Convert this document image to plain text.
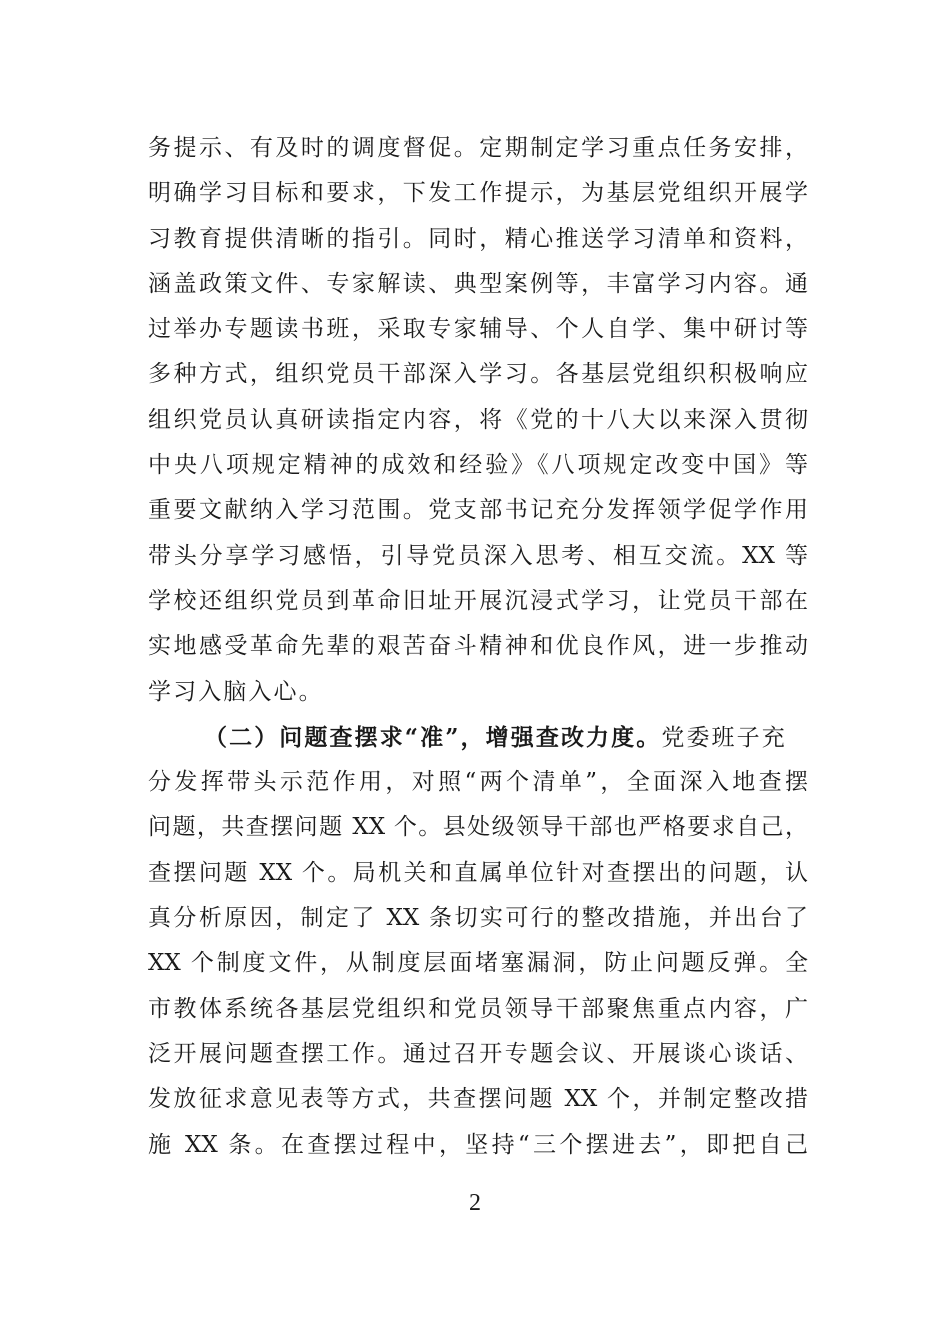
务提示、有及时的调度督促。定期制定学习重点任务安排，
明确学习目标和要求，下发工作提示，为基层党组织开展学
习教育提供清晰的指引。同时，精心推送学习清单和资料，
涵盖政策文件、专家解读、典型案例等，丰富学习内容。通
过举办专题读书班，采取专家辅导、个人自学、集中研讨等
多种方式，组织党员干部深入学习。各基层党组织积极响应
组织党员认真研读指定内容，将《党的十八大以来深入贯彻
中央八项规定精神的成效和经验》《八项规定改变中国》等
重要文献纳入学习范围。党支部书记充分发挥领学促学作用
带头分享学习感悟，引导党员深入思考、相互交流。XX 等
学校还组织党员到革命旧址开展沉浸式学习，让党员干部在
实地感受革命先辈的艰苦奋斗精神和优良作风，进一步推动
学习入脑入心。
（二）问题查摆求“准”，增强查改力度。党委班子充
分发挥带头示范作用，对照“两个清单”，全面深入地查摆
问题，共查摆问题 XX 个。县处级领导干部也严格要求自己，
查摆问题 XX 个。局机关和直属单位针对查摆出的问题，认
真分析原因，制定了 XX 条切实可行的整改措施，并出台了
XX 个制度文件，从制度层面堵塞漏洞，防止问题反弹。全
市教体系统各基层党组织和党员领导干部聚焦重点内容，广
泛开展问题查摆工作。通过召开专题会议、开展谈心谈话、
发放征求意见表等方式，共查摆问题 XX 个，并制定整改措
施 XX 条。在查摆过程中，坚持“三个摆进去”，即把自己
2
